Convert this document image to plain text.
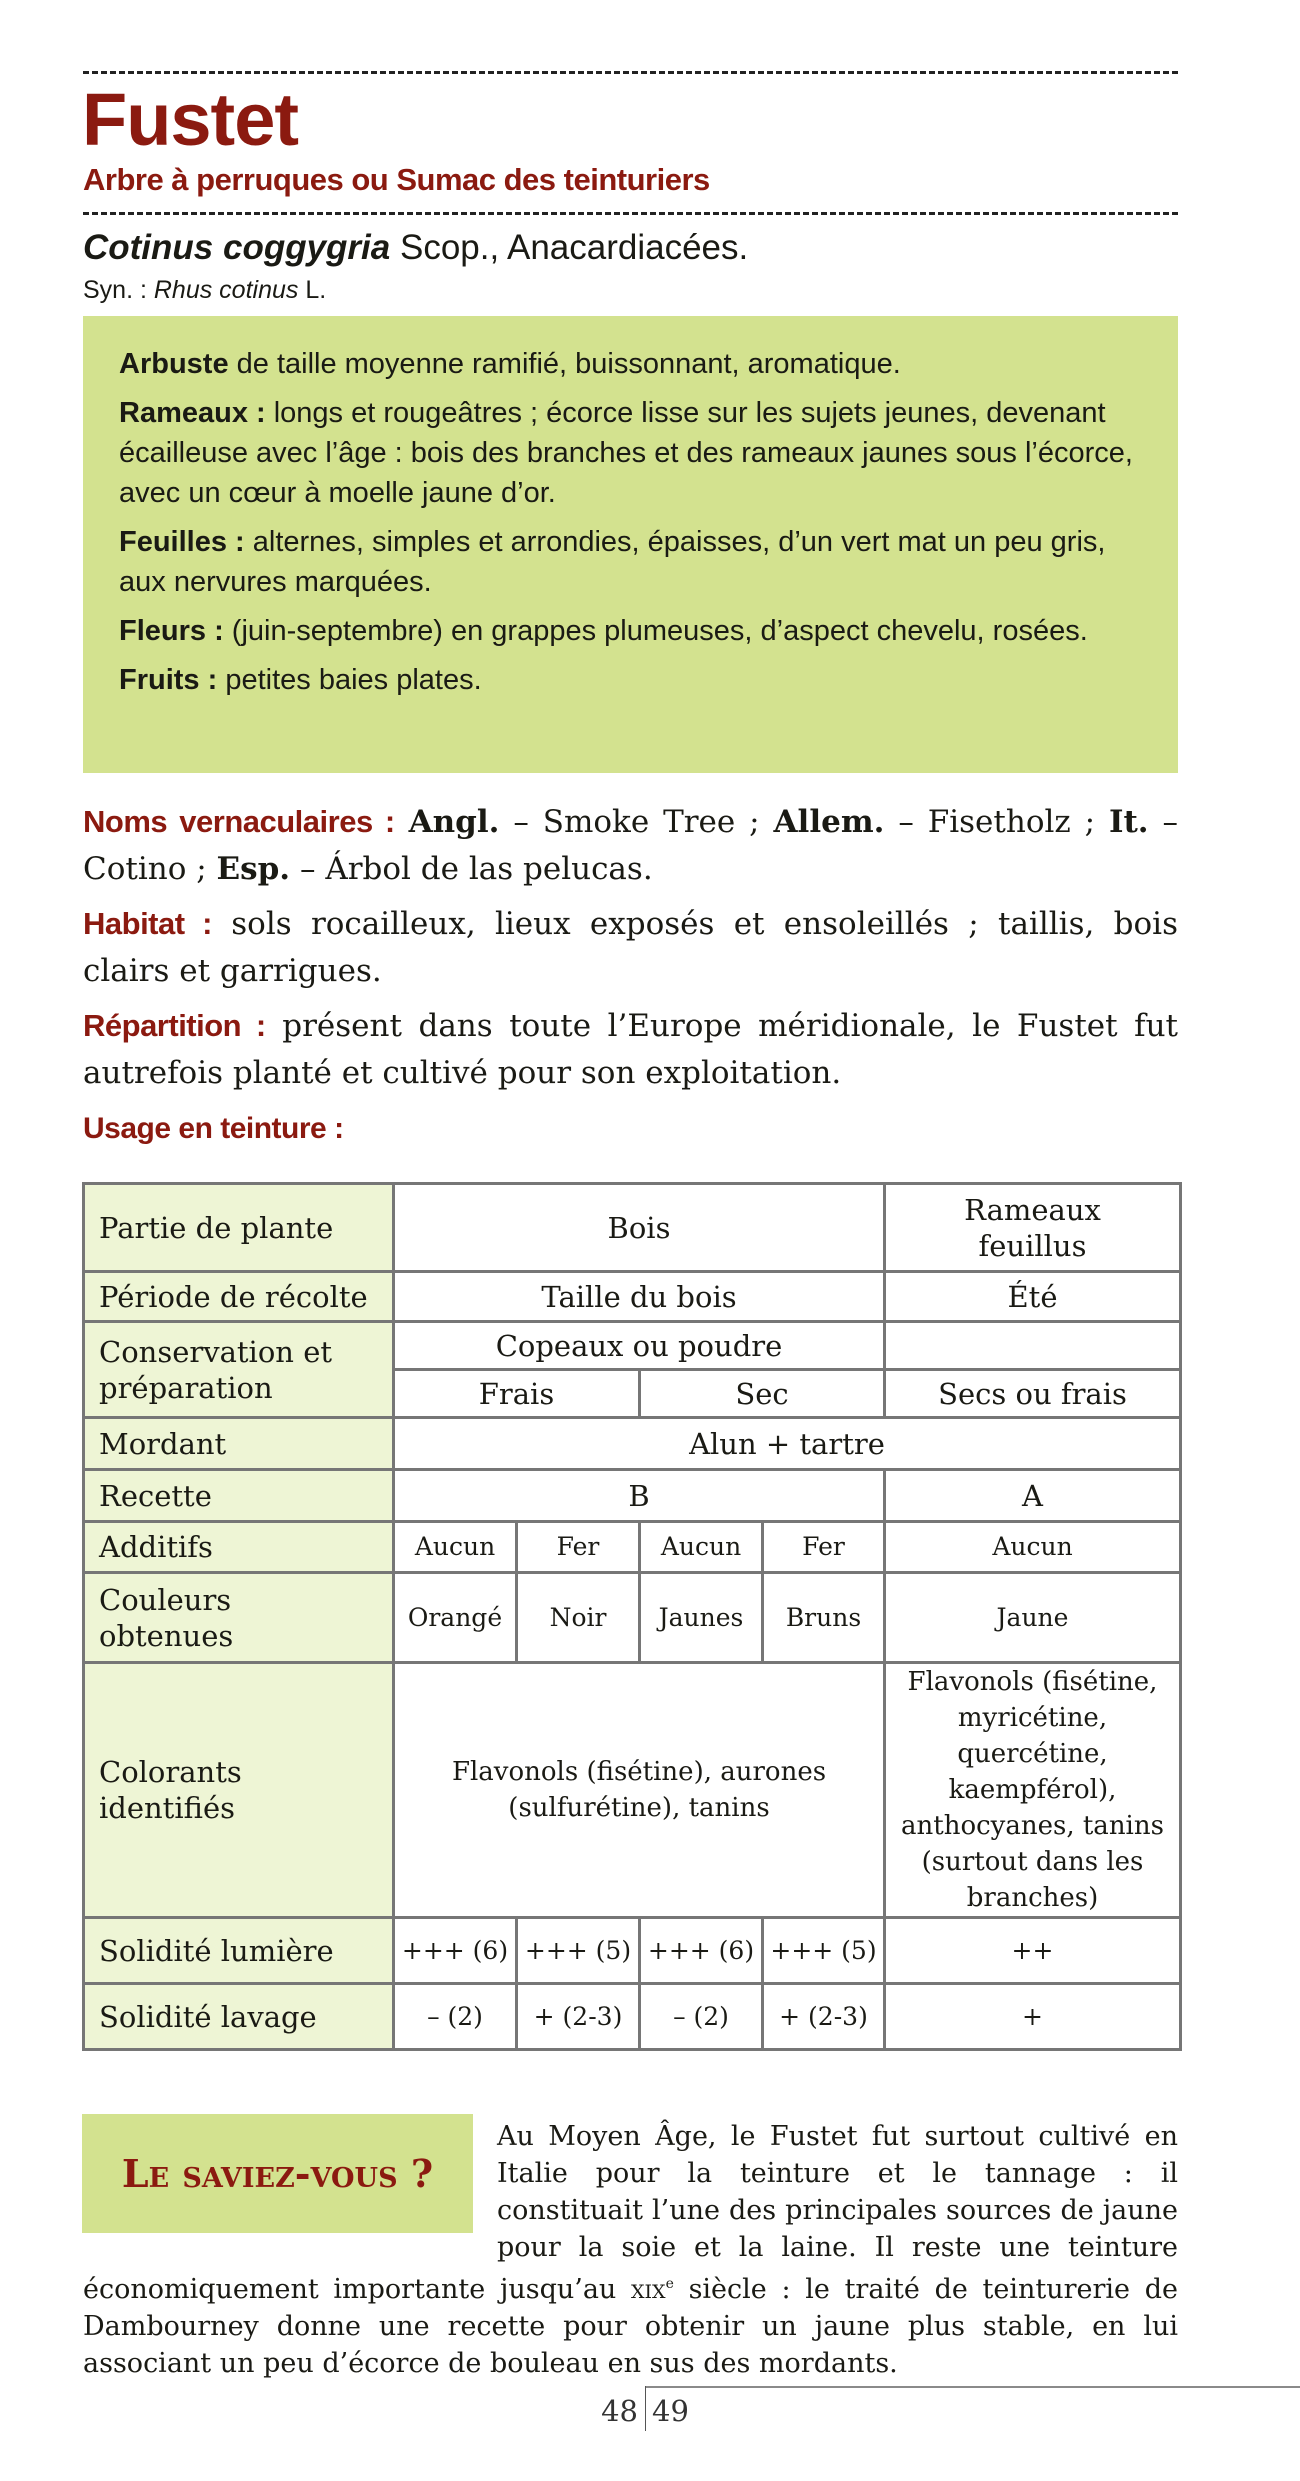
Fustet
Arbre à perruques ou Sumac des teinturiers
Cotinus coggygria Scop., Anacardiacées.
Syn. : Rhus cotinus L.

Arbuste de taille moyenne ramifié, buissonnant, aromatique.

Rameaux : longs et rougeâtres ; écorce lisse sur les sujets jeunes, devenant écailleuse avec l’âge : bois des branches et des rameaux jaunes sous l’écorce, avec un cœur à moelle jaune d’or.

Feuilles : alternes, simples et arrondies, épaisses, d’un vert mat un peu gris, aux nervures marquées.

Fleurs : (juin-septembre) en grappes plumeuses, d’aspect chevelu, rosées.

Fruits : petites baies plates.

Noms vernaculaires : Angl. – Smoke Tree ; Allem. – Fisetholz ; It. – Cotino ; Esp. – Árbol de las pelucas.
Habitat : sols rocailleux, lieux exposés et ensoleillés ; taillis, bois clairs et garrigues.
Répartition : présent dans toute l’Europe méridionale, le Fustet fut autrefois planté et cultivé pour son exploitation.
Usage en teinture :
Partie de plante	Bois				Rameaux feuillus
Période de récolte	Taille du bois				Été
Conservation et préparation	Copeaux ou poudre				
	Frais		Sec		Secs ou frais
Mordant	Alun + tartre				
Recette	B				A
Additifs	Aucun	Fer	Aucun	Fer	Aucun
Couleurs obtenues	Orangé	Noir	Jaunes	Bruns	Jaune
Colorants identifiés	Flavonols (fisétine), aurones (sulfurétine), tanins				Flavonols (fisétine, myricétine, quercétine, kaempférol), anthocyanes, tanins (surtout dans les branches)
Solidité lumière	+++ (6)	+++ (5)	+++ (6)	+++ (5)	++
Solidité lavage	– (2)	+ (2-3)	– (2)	+ (2-3)	+
Le saviez-vous ?
Au Moyen Âge, le Fustet fut surtout cultivé en Italie pour la teinture et le tannage : il constituait l’une des principales sources de jaune pour la soie et la laine. Il reste une teinture économiquement importante jusqu’au xix$^e$ siècle : le traité de teinturerie de Dambourney donne une recette pour obtenir un jaune plus stable, en lui associant un peu d’écorce de bouleau en sus des mordants.
48 49
